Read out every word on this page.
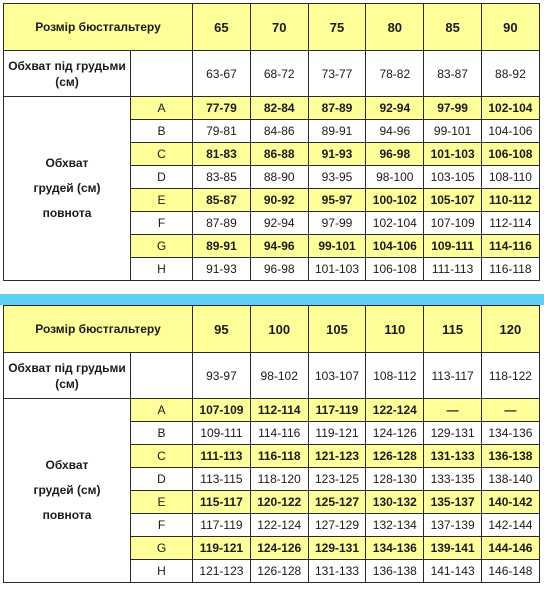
Розмір бюстгальтеру		65	70	75	80	85	90
Обхват під грудьми (см)		63-67	68-72	73-77	78-82	83-87	88-92

Обхват
грудей (см)
повнота	A	77-79	82-84	87-89	92-94	97-99	102-104
	B	79-81	84-86	89-91	94-96	99-101	104-106
	C	81-83	86-88	91-93	96-98	101-103	106-108
	D	83-85	88-90	93-95	98-100	103-105	108-110
	E	85-87	90-92	95-97	100-102	105-107	110-112
	F	87-89	92-94	97-99	102-104	107-109	112-114
	G	89-91	94-96	99-101	104-106	109-111	114-116
	H	91-93	96-98	101-103	106-108	111-113	116-118
Розмір бюстгальтеру		95	100	105	110	115	120
Обхват під грудьми (см)		93-97	98-102	103-107	108-112	113-117	118-122

Обхват
грудей (см)
повнота	A	107-109	112-114	117-119	122-124	—	—
	B	109-111	114-116	119-121	124-126	129-131	134-136
	C	111-113	116-118	121-123	126-128	131-133	136-138
	D	113-115	118-120	123-125	128-130	133-135	138-140
	E	115-117	120-122	125-127	130-132	135-137	140-142
	F	117-119	122-124	127-129	132-134	137-139	142-144
	G	119-121	124-126	129-131	134-136	139-141	144-146
	H	121-123	126-128	131-133	136-138	141-143	146-148
